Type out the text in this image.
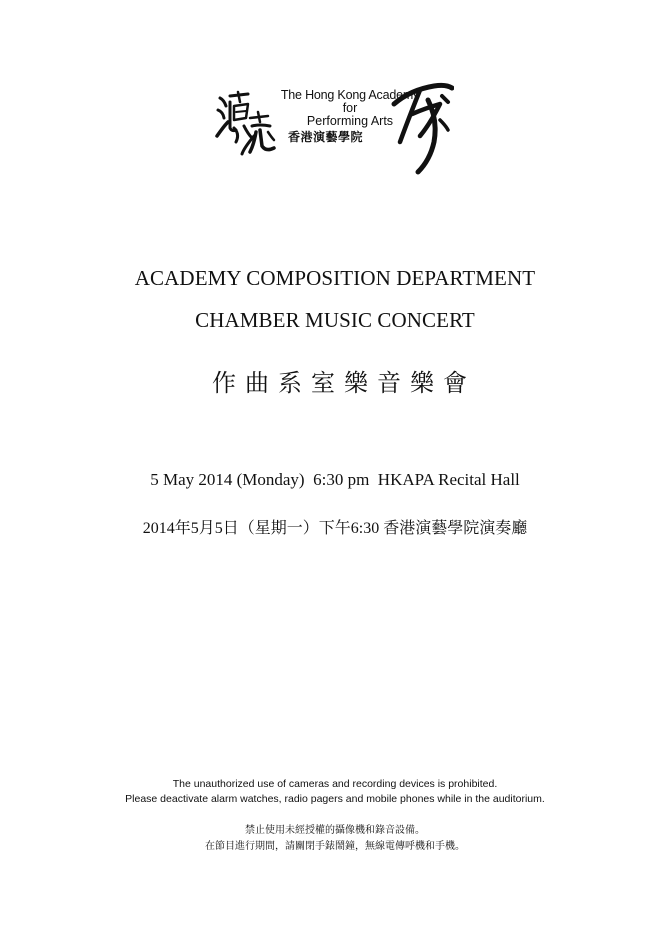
The Hong Kong Academy
for
Performing Arts
香港演藝學院
ACADEMY COMPOSITION DEPARTMENT
CHAMBER MUSIC CONCERT
作曲系室樂音樂會
5 May 2014 (Monday)  6:30 pm  HKAPA Recital Hall
2014年5月5日（星期一）下午6:30 香港演藝學院演奏廳
The unauthorized use of cameras and recording devices is prohibited.
Please deactivate alarm watches, radio pagers and mobile phones while in the auditorium.
禁止使用未經授權的攝像機和錄音設備。
在節目進行期間，請關閉手錶鬧鐘，無線電傳呼機和手機。
